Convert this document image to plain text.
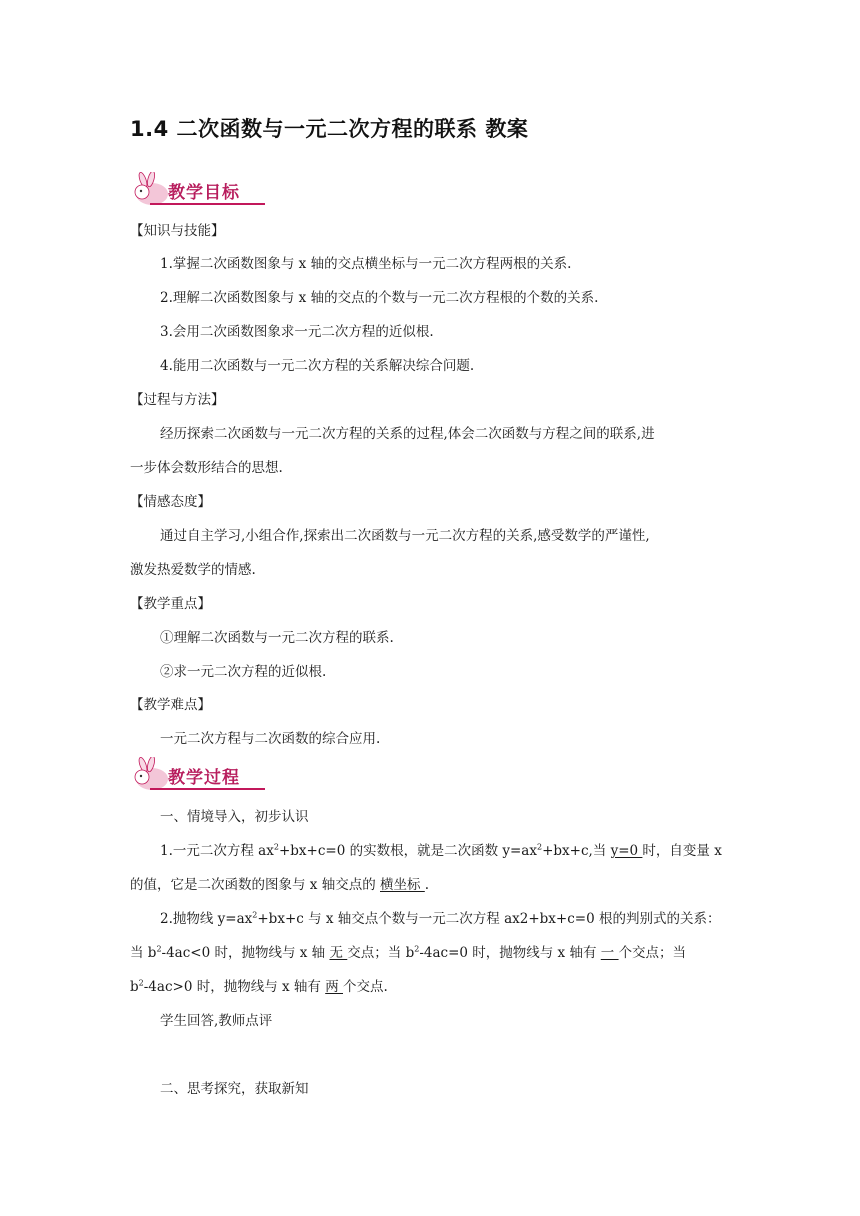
1.4 二次函数与一元二次方程的联系 教案
教学目标
【知识与技能】
1.掌握二次函数图象与 x 轴的交点横坐标与一元二次方程两根的关系.
2.理解二次函数图象与 x 轴的交点的个数与一元二次方程根的个数的关系.
3.会用二次函数图象求一元二次方程的近似根.
4.能用二次函数与一元二次方程的关系解决综合问题.
【过程与方法】
经历探索二次函数与一元二次方程的关系的过程,体会二次函数与方程之间的联系,进
一步体会数形结合的思想.
【情感态度】
通过自主学习,小组合作,探索出二次函数与一元二次方程的关系,感受数学的严谨性,
激发热爱数学的情感.
【教学重点】
①理解二次函数与一元二次方程的联系.
②求一元二次方程的近似根.
【教学难点】
一元二次方程与二次函数的综合应用.
教学过程
一、情境导入，初步认识
1.一元二次方程 $ax^2+bx+c=0$ 的实数根，就是二次函数 $y=ax^2+bx+c$,当 y=0 时，自变量 x
的值，它是二次函数的图象与 x 轴交点的 横坐标 .
2.抛物线 $y=ax^2+bx+c$ 与 x 轴交点个数与一元二次方程 ax2+bx+c=0 根的判别式的关系：
当 $b^2-4ac<0$ 时，抛物线与 x 轴 无 交点；当 $b^2-4ac=0$ 时，抛物线与 x 轴有 一 个交点；当
$b^2-4ac>0$ 时，抛物线与 x 轴有 两 个交点.
学生回答,教师点评
二、思考探究，获取新知
